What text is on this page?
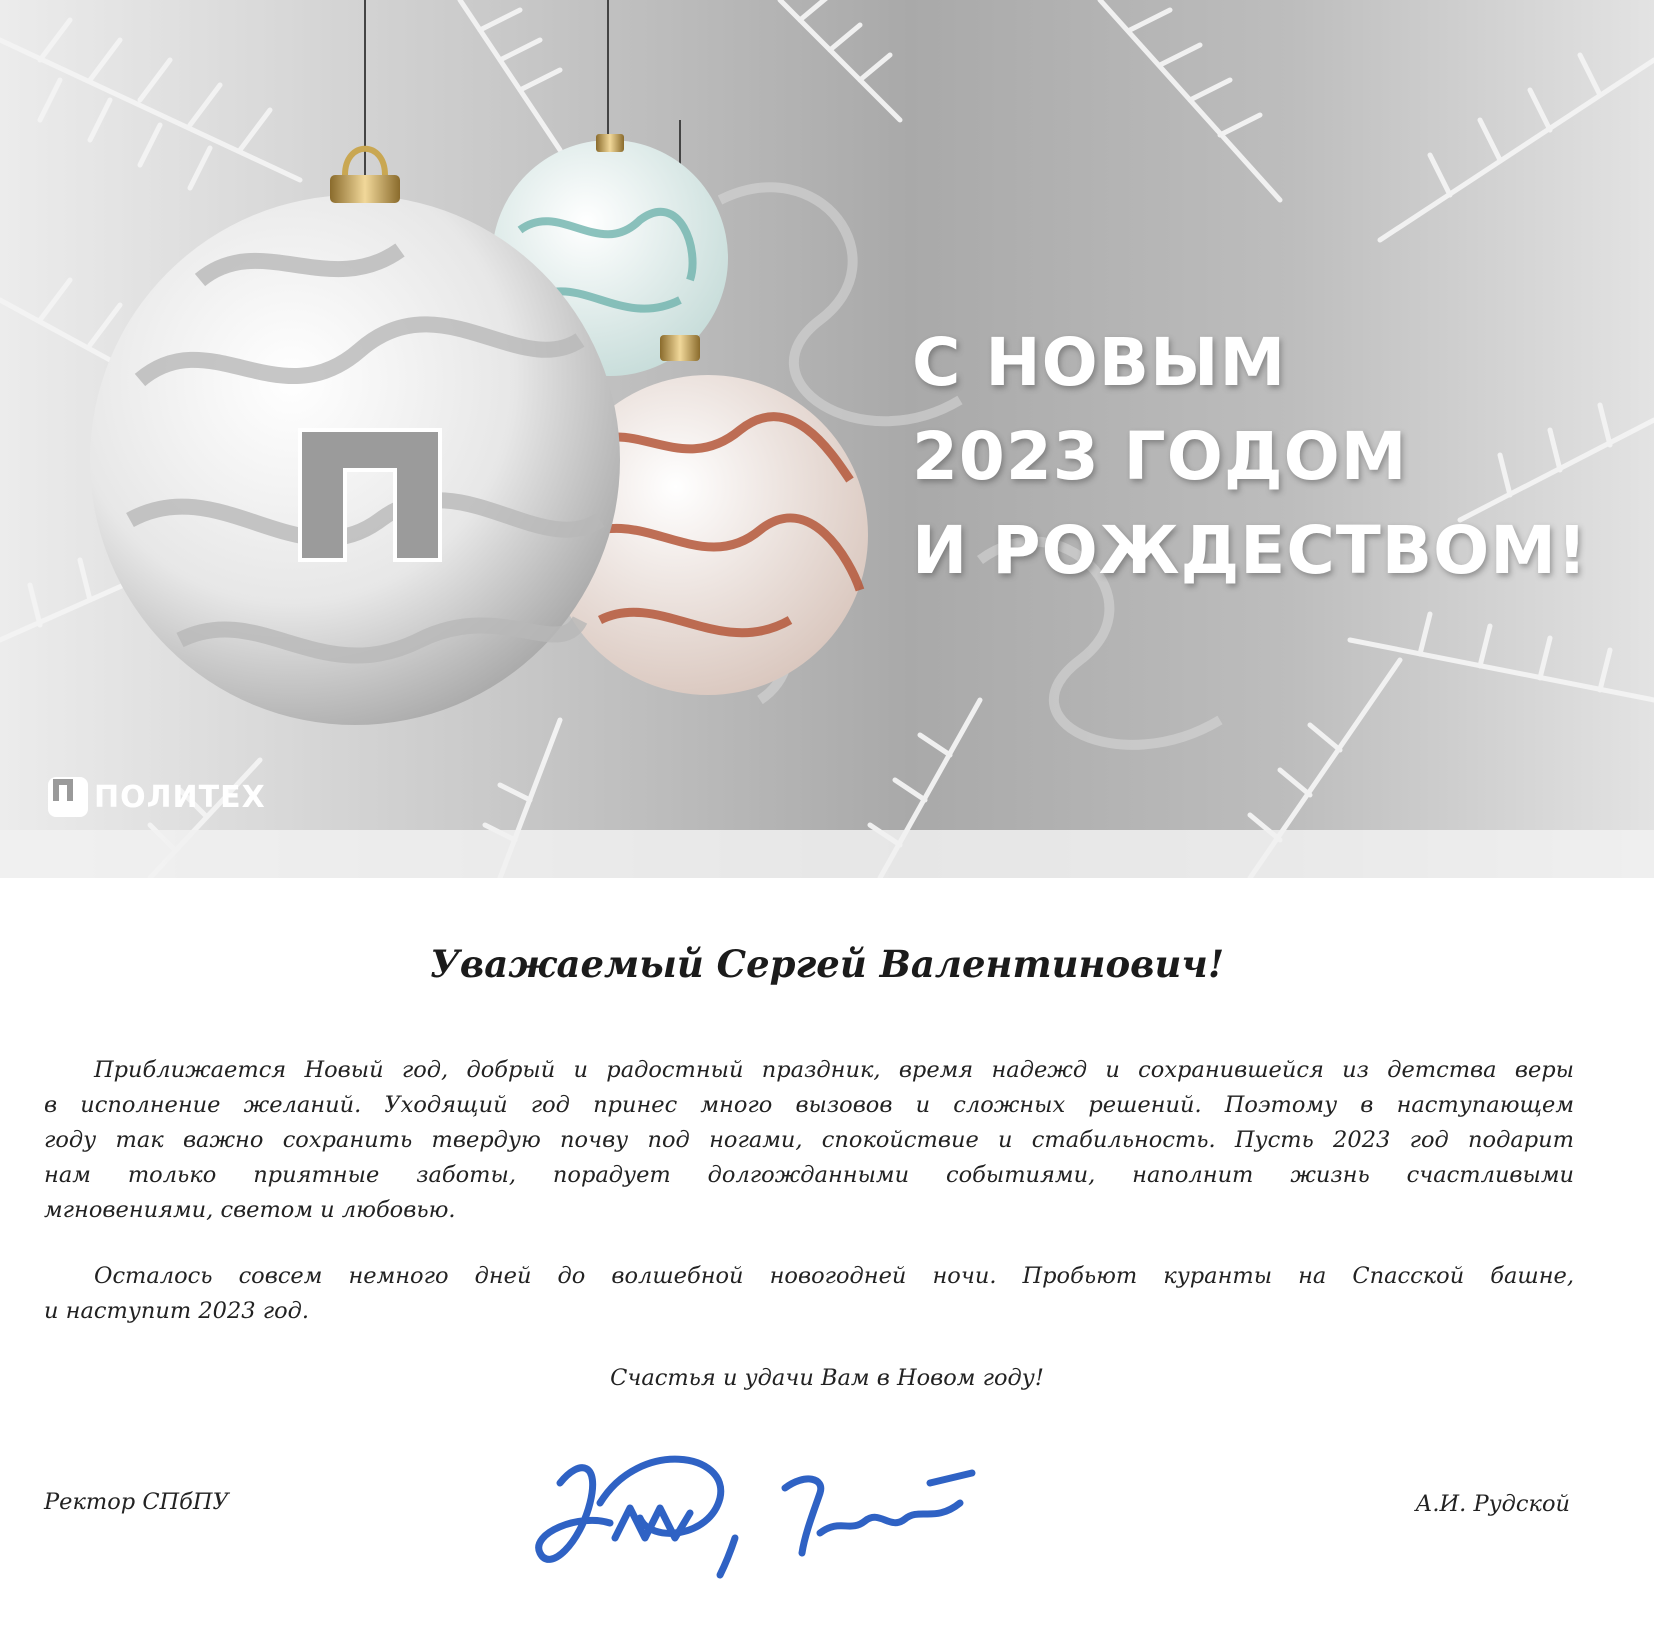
С НОВЫМ
2023 ГОДОМ
И РОЖДЕСТВОМ!
ПОЛИТЕХ
Уважаемый Сергей Валентинович!
Приближается Новый год, добрый и радостный праздник, время надежд и сохранившейся из детства веры
в исполнение желаний. Уходящий год принес много вызовов и сложных решений. Поэтому в наступающем
году так важно сохранить твердую почву под ногами, спокойствие и стабильность. Пусть 2023 год подарит
нам только приятные заботы, порадует долгожданными событиями, наполнит жизнь счастливыми
мгновениями, светом и любовью.
Осталось совсем немного дней до волшебной новогодней ночи. Пробьют куранты на Спасской башне,
и наступит 2023 год.
Счастья и удачи Вам в Новом году!
Ректор СПбПУ	А.И. Рудской
